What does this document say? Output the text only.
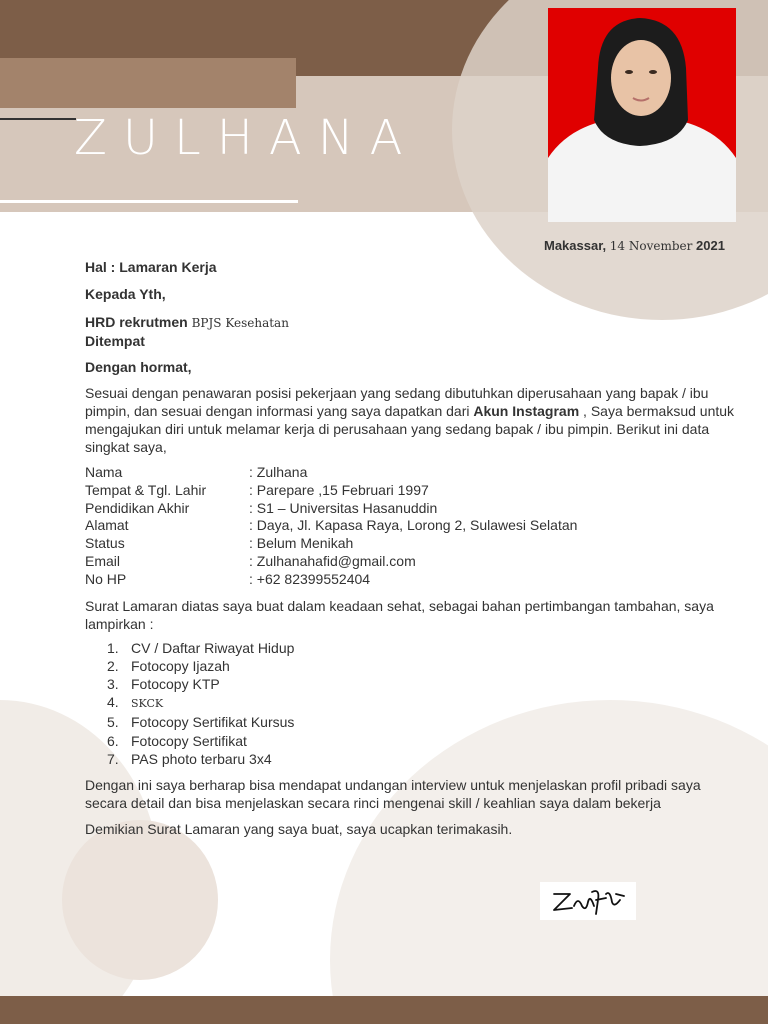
ZULHANA
Makassar, 14 November 2021
Hal : Lamaran Kerja
Kepada Yth,
HRD rekrutmen BPJS Kesehatan
Ditempat
Dengan hormat,

Sesuai dengan penawaran posisi pekerjaan yang sedang dibutuhkan diperusahaan yang bapak / ibu pimpin, dan sesuai dengan informasi yang saya dapatkan dari Akun Instagram , Saya bermaksud untuk mengajukan diri untuk melamar kerja di perusahaan yang sedang bapak / ibu pimpin. Berikut ini data singkat saya,

Nama	: Zulhana
Tempat & Tgl. Lahir	: Parepare ,15 Februari 1997
Pendidikan Akhir	: S1 – Universitas Hasanuddin
Alamat	: Daya, Jl. Kapasa Raya, Lorong 2, Sulawesi Selatan
Status	: Belum Menikah
Email	: Zulhanahafid@gmail.com
No HP	: +62 82399552404

Surat Lamaran diatas saya buat dalam keadaan sehat, sebagai bahan pertimbangan tambahan, saya lampirkan :

1. CV / Daftar Riwayat Hidup
2. Fotocopy Ijazah
3. Fotocopy KTP
4. SKCK
5. Fotocopy Sertifikat Kursus
6. Fotocopy Sertifikat
7. PAS photo terbaru 3x4

Dengan ini saya berharap bisa mendapat undangan interview untuk menjelaskan profil pribadi saya secara detail dan bisa menjelaskan secara rinci mengenai skill / keahlian saya dalam bekerja

Demikian Surat Lamaran yang saya buat, saya ucapkan terimakasih.
